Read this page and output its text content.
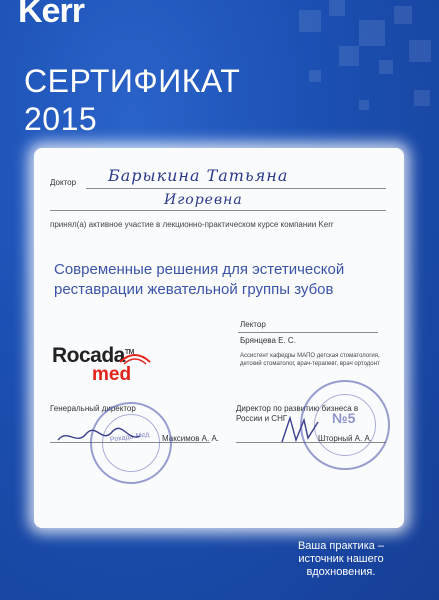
Kerr
СЕРТИФИКАТ
2015
Доктор Барыкина Татьяна
Игоревна
принял(а) активное участие в лекционно-практическом курсе компании Kerr
Современные решения для эстетической
реставрации жевательной группы зубов
Лектор
Брянцева Е. С.
Ассистент кафедры МАПО детская стоматология, детский стоматолог, врач-терапевт, врач ортодонт
Rocada™
med
Генеральный директор
Максимов А. А.
Рокада-Мед
Директор по развитию бизнеса в России и СНГ
Шторный А. А.
№5
Ваша практика – источник нашего вдохновения.
